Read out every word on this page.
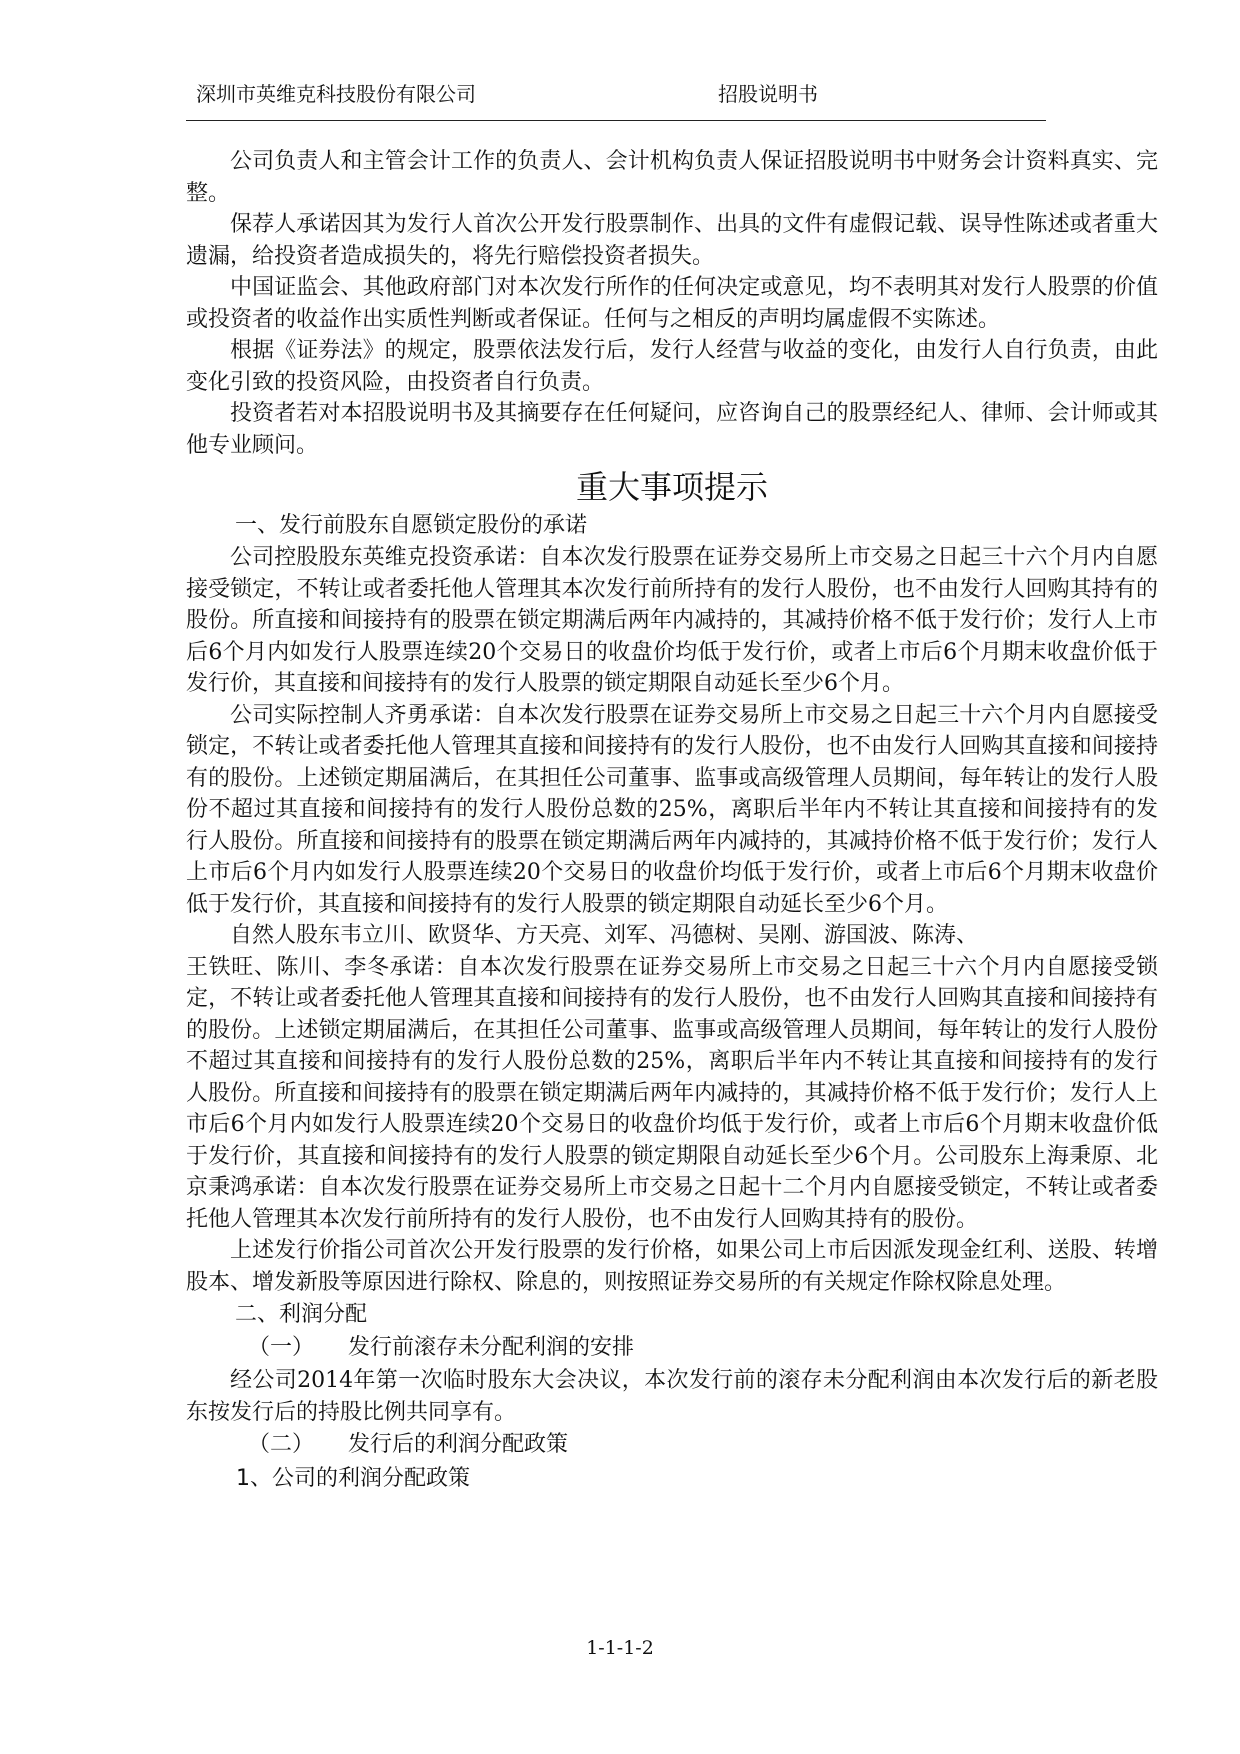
深圳市英维克科技股份有限公司	招股说明书

公司负责人和主管会计工作的负责人、会计机构负责人保证招股说明书中财务会计资料真实、完整。

保荐人承诺因其为发行人首次公开发行股票制作、出具的文件有虚假记载、误导性陈述或者重大遗漏，给投资者造成损失的，将先行赔偿投资者损失。

中国证监会、其他政府部门对本次发行所作的任何决定或意见，均不表明其对发行人股票的价值或投资者的收益作出实质性判断或者保证。任何与之相反的声明均属虚假不实陈述。

根据《证券法》的规定，股票依法发行后，发行人经营与收益的变化，由发行人自行负责，由此变化引致的投资风险，由投资者自行负责。

投资者若对本招股说明书及其摘要存在任何疑问，应咨询自己的股票经纪人、律师、会计师或其他专业顾问。

重大事项提示
一、发行前股东自愿锁定股份的承诺

公司控股股东英维克投资承诺：自本次发行股票在证券交易所上市交易之日起三十六个月内自愿接受锁定，不转让或者委托他人管理其本次发行前所持有的发行人股份，也不由发行人回购其持有的股份。所直接和间接持有的股票在锁定期满后两年内减持的，其减持价格不低于发行价；发行人上市后6个月内如发行人股票连续20个交易日的收盘价均低于发行价，或者上市后6个月期末收盘价低于发行价，其直接和间接持有的发行人股票的锁定期限自动延长至少6个月。

公司实际控制人齐勇承诺：自本次发行股票在证券交易所上市交易之日起三十六个月内自愿接受锁定，不转让或者委托他人管理其直接和间接持有的发行人股份，也不由发行人回购其直接和间接持有的股份。上述锁定期届满后，在其担任公司董事、监事或高级管理人员期间，每年转让的发行人股份不超过其直接和间接持有的发行人股份总数的25%，离职后半年内不转让其直接和间接持有的发行人股份。所直接和间接持有的股票在锁定期满后两年内减持的，其减持价格不低于发行价；发行人上市后6个月内如发行人股票连续20个交易日的收盘价均低于发行价，或者上市后6个月期末收盘价低于发行价，其直接和间接持有的发行人股票的锁定期限自动延长至少6个月。

自然人股东韦立川、欧贤华、方天亮、刘军、冯德树、吴刚、游国波、陈涛、

王铁旺、陈川、李冬承诺：自本次发行股票在证券交易所上市交易之日起三十六个月内自愿接受锁定，不转让或者委托他人管理其直接和间接持有的发行人股份，也不由发行人回购其直接和间接持有的股份。上述锁定期届满后，在其担任公司董事、监事或高级管理人员期间，每年转让的发行人股份不超过其直接和间接持有的发行人股份总数的25%，离职后半年内不转让其直接和间接持有的发行人股份。所直接和间接持有的股票在锁定期满后两年内减持的，其减持价格不低于发行价；发行人上市后6个月内如发行人股票连续20个交易日的收盘价均低于发行价，或者上市后6个月期末收盘价低于发行价，其直接和间接持有的发行人股票的锁定期限自动延长至少6个月。公司股东上海秉原、北京秉鸿承诺：自本次发行股票在证券交易所上市交易之日起十二个月内自愿接受锁定，不转让或者委托他人管理其本次发行前所持有的发行人股份，也不由发行人回购其持有的股份。

上述发行价指公司首次公开发行股票的发行价格，如果公司上市后因派发现金红利、送股、转增股本、增发新股等原因进行除权、除息的，则按照证券交易所的有关规定作除权除息处理。

二、利润分配
（一） 发行前滚存未分配利润的安排

经公司2014年第一次临时股东大会决议，本次发行前的滚存未分配利润由本次发行后的新老股东按发行后的持股比例共同享有。

（二） 发行后的利润分配政策
1、公司的利润分配政策
1-1-1-2
